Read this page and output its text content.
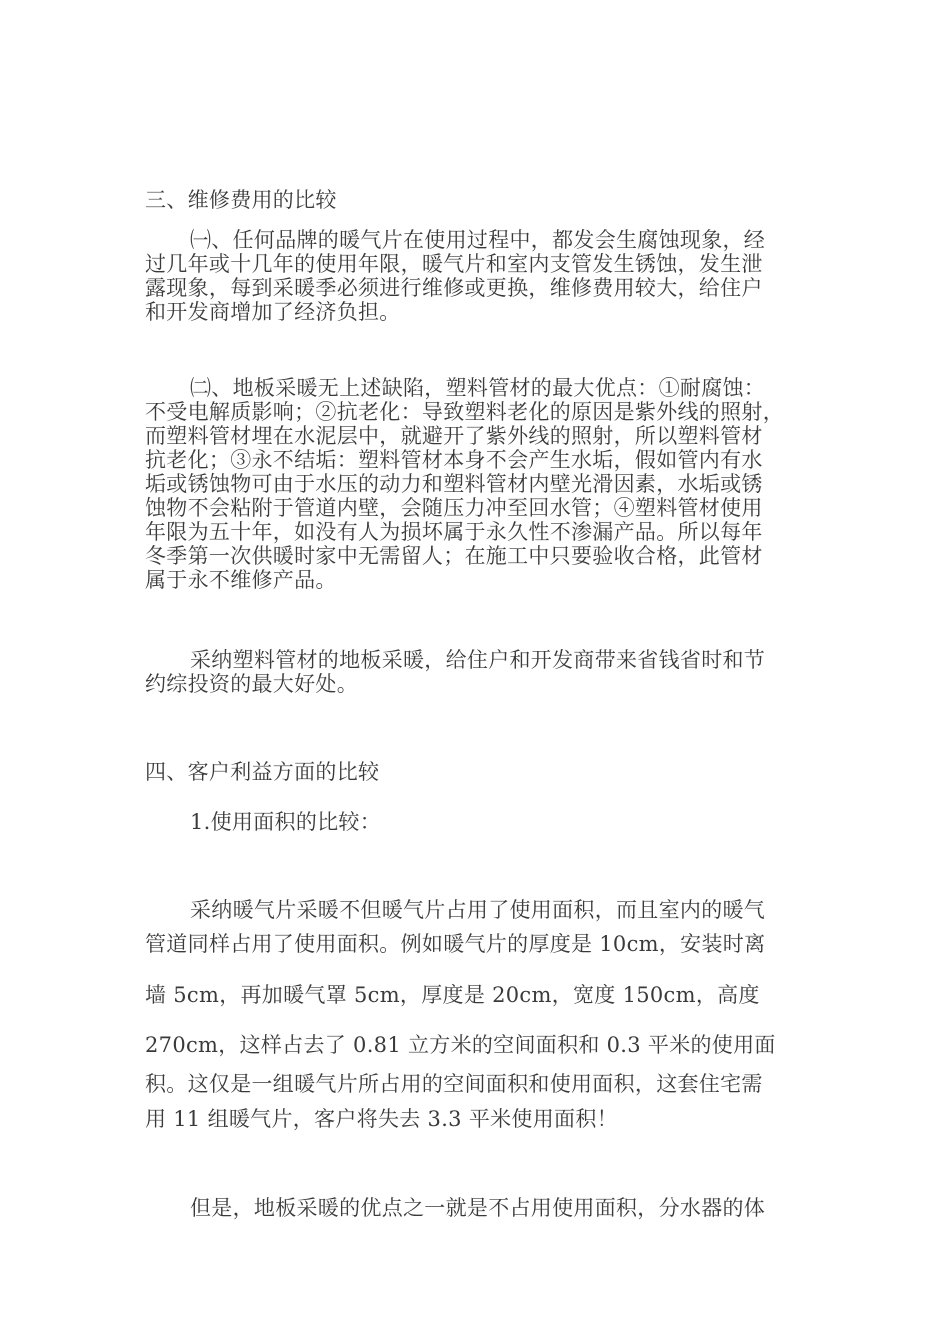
三、维修费用的比较
㈠、任何品牌的暖气片在使用过程中，都发会生腐蚀现象，经
过几年或十几年的使用年限，暖气片和室内支管发生锈蚀，发生泄
露现象，每到采暖季必须进行维修或更换，维修费用较大，给住户
和开发商增加了经济负担。
㈡、地板采暖无上述缺陷，塑料管材的最大优点：①耐腐蚀：
不受电解质影响；②抗老化：导致塑料老化的原因是紫外线的照射，
而塑料管材埋在水泥层中，就避开了紫外线的照射，所以塑料管材
抗老化；③永不结垢：塑料管材本身不会产生水垢，假如管内有水
垢或锈蚀物可由于水压的动力和塑料管材内壁光滑因素，水垢或锈
蚀物不会粘附于管道内壁，会随压力冲至回水管；④塑料管材使用
年限为五十年，如没有人为损坏属于永久性不渗漏产品。所以每年
冬季第一次供暖时家中无需留人；在施工中只要验收合格，此管材
属于永不维修产品。
采纳塑料管材的地板采暖，给住户和开发商带来省钱省时和节
约综投资的最大好处。
四、客户利益方面的比较
1.使用面积的比较：
采纳暖气片采暖不但暖气片占用了使用面积，而且室内的暖气
管道同样占用了使用面积。例如暖气片的厚度是 10cm，安装时离
墙 5cm，再加暖气罩 5cm，厚度是 20cm，宽度 150cm，高度
270cm，这样占去了 0.81 立方米的空间面积和 0.3 平米的使用面
积。这仅是一组暖气片所占用的空间面积和使用面积，这套住宅需
用 11 组暖气片，客户将失去 3.3 平米使用面积！
但是，地板采暖的优点之一就是不占用使用面积，分水器的体
